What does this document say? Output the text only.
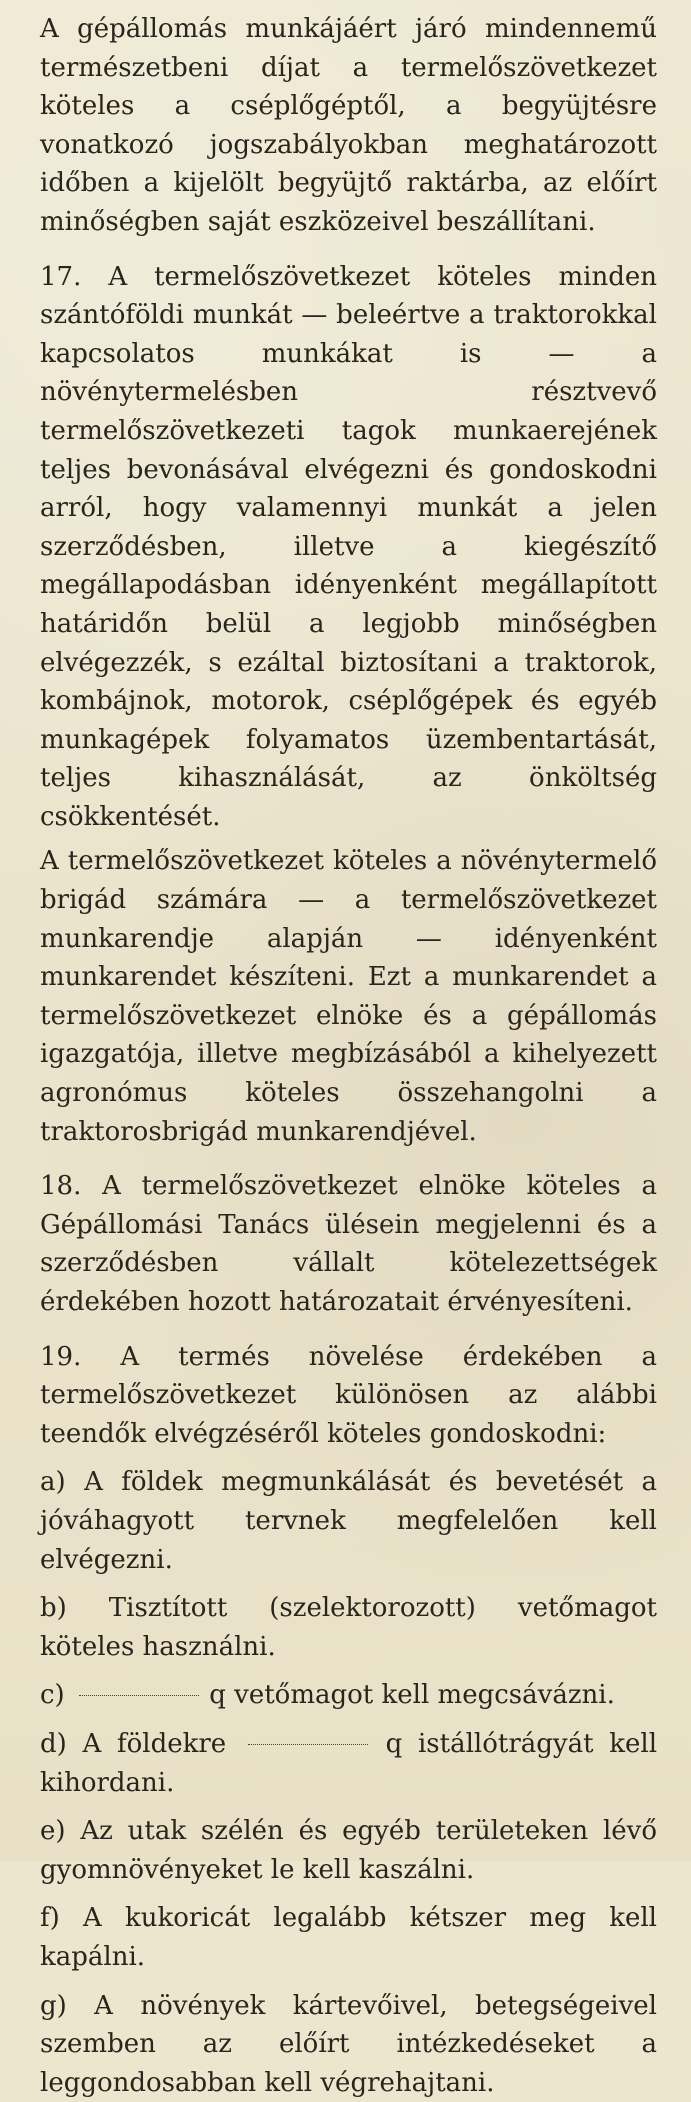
A gépállomás munkájáért járó mindennemű természetbeni díjat a termelőszövetkezet köteles a cséplőgéptől, a begyüjtésre vonatkozó jogszabályokban meghatározott időben a kijelölt begyüjtő raktárba, az előírt minőségben saját eszközeivel beszállítani.

17. A termelőszövetkezet köteles minden szántóföldi munkát — beleértve a traktorokkal kapcsolatos munkákat is — a növénytermelésben résztvevő termelőszövetkezeti tagok munkaerejének teljes bevonásával elvégezni és gondoskodni arról, hogy valamennyi munkát a jelen szerződésben, illetve a kiegészítő megállapodásban idényenként megállapított határidőn belül a legjobb minőségben elvégezzék, s ezáltal biztosítani a traktorok, kombájnok, motorok, cséplőgépek és egyéb munkagépek folyamatos üzembentartását, teljes kihasználását, az önköltség csökkentését.

A termelőszövetkezet köteles a növénytermelő brigád számára — a termelőszövetkezet munkarendje alapján — idényenként munkarendet készíteni. Ezt a munkarendet a termelőszövetkezet elnöke és a gépállomás igazgatója, illetve megbízásából a kihelyezett agronómus köteles összehangolni a traktorosbrigád munkarendjével.

18. A termelőszövetkezet elnöke köteles a Gépállomási Tanács ülésein megjelenni és a szerződésben vállalt kötelezettségek érdekében hozott határozatait érvényesíteni.

19. A termés növelése érdekében a termelőszövetkezet különösen az alábbi teendők elvégzéséről köteles gondoskodni:

a) A földek megmunkálását és bevetését a jóváhagyott tervnek megfelelően kell elvégezni.

b) Tisztított (szelektorozott) vetőmagot köteles használni.

c)	q vetőmagot kell megcsávázni.

d) A földekre	q istállótrágyát kell kihordani.

e) Az utak szélén és egyéb területeken lévő gyomnövényeket le kell kaszálni.

f) A kukoricát legalább kétszer meg kell kapálni.

g) A növények kártevőivel, betegségeivel szemben az előírt intézkedéseket a leggondosabban kell végrehajtani.
